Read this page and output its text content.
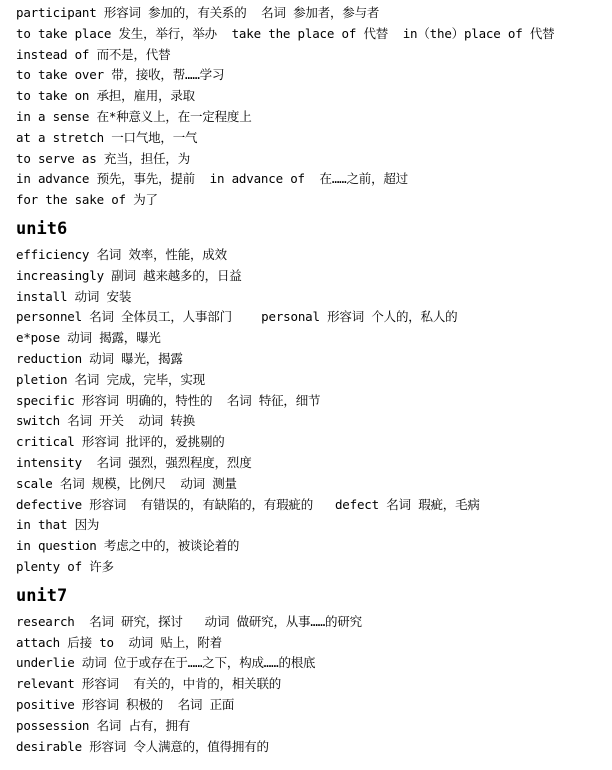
participant 形容词 参加的，有关系的  名词 参加者，参与者
to take place 发生，举行，举办  take the place of 代替  in（the）place of 代替
instead of 而不是，代替
to take over 带，接收，帮……学习
to take on 承担，雇用，录取
in a sense 在*种意义上，在一定程度上
at a stretch 一口气地，一气
to serve as 充当，担任，为
in advance 预先，事先，提前  in advance of  在……之前，超过
for the sake of 为了
unit6
efficiency 名词 效率，性能，成效
increasingly 副词 越来越多的，日益
install 动词 安装
personnel 名词 全体员工，人事部门    personal 形容词 个人的，私人的
e*pose 动词 揭露，曝光
reduction 动词 曝光，揭露
pletion 名词 完成，完毕，实现
specific 形容词 明确的，特性的  名词 特征，细节
switch 名词 开关  动词 转换
critical 形容词 批评的，爱挑剔的
intensity  名词 强烈，强烈程度，烈度
scale 名词 规模，比例尺  动词 测量
defective 形容词  有错误的，有缺陷的，有瑕疵的   defect 名词 瑕疵，毛病
in that 因为
in question 考虑之中的，被谈论着的
plenty of 许多
unit7
research  名词 研究，探讨   动词 做研究，从事……的研究
attach 后接 to  动词 贴上，附着
underlie 动词 位于或存在于……之下，构成……的根底
relevant 形容词  有关的，中肯的，相关联的
positive 形容词 积极的  名词 正面
possession 名词 占有，拥有
desirable 形容词 令人满意的，值得拥有的
